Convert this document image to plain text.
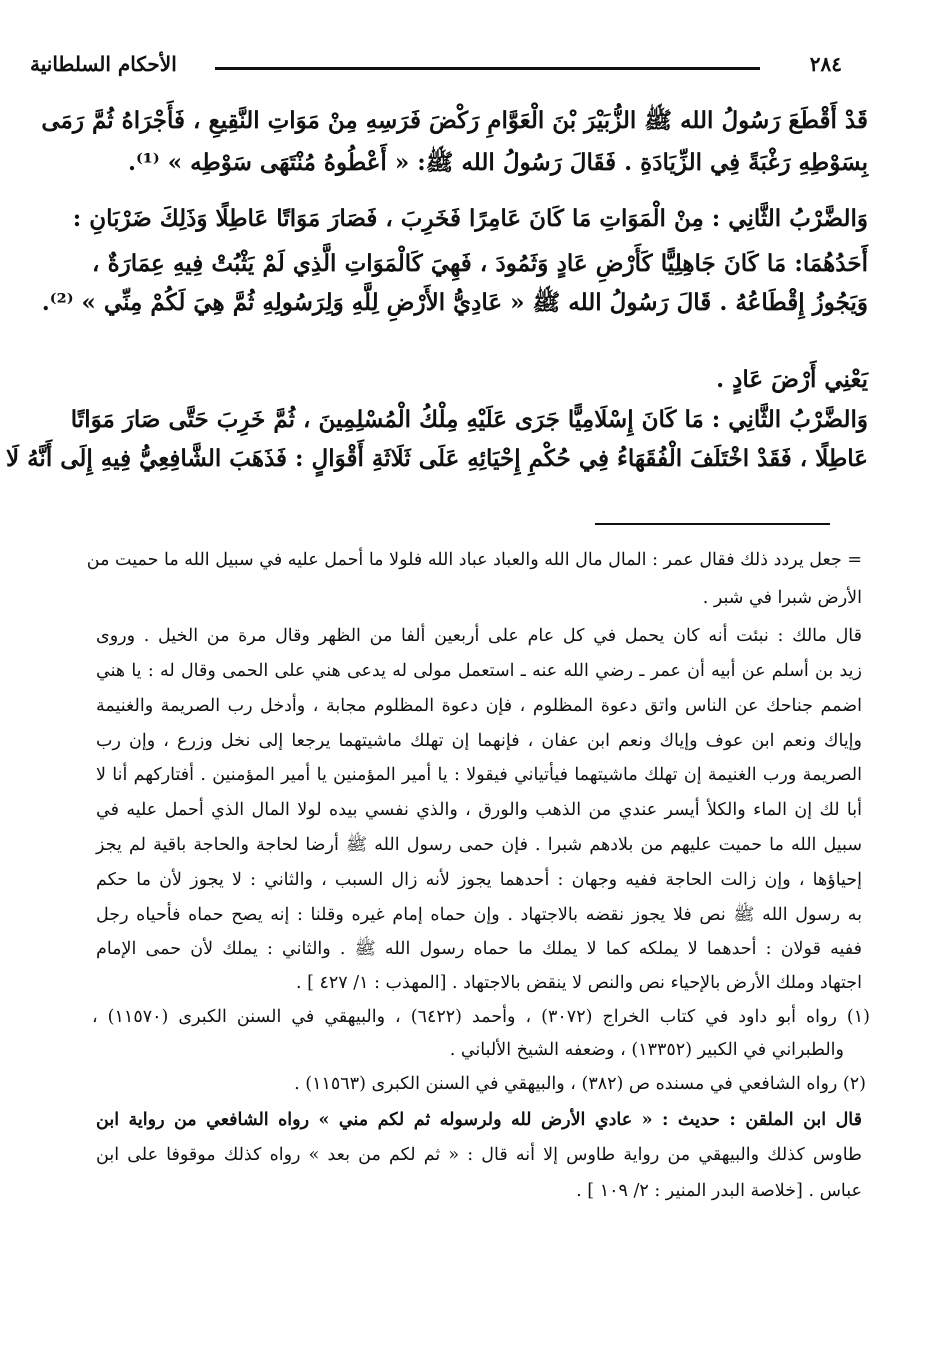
٢٨٤
الأحكام السلطانية
قَدْ أَقْطَعَ رَسُولُ الله ﷺ الزُّبَيْرَ بْنَ الْعَوَّامِ رَكْضَ فَرَسِهِ مِنْ مَوَاتِ النَّقِيعِ ، فَأَجْرَاهُ ثُمَّ رَمَى
بِسَوْطِهِ رَغْبَةً فِي الزِّيَادَةِ . فَقَالَ رَسُولُ الله ﷺ: « أَعْطُوهُ مُنْتَهَى سَوْطِه » ⁽¹⁾.
وَالضَّرْبُ الثَّانِي : مِنْ الْمَوَاتِ مَا كَانَ عَامِرًا فَخَرِبَ ، فَصَارَ مَوَاتًا عَاطِلًا وَذَلِكَ ضَرْبَانِ :
أَحَدُهُمَا: مَا كَانَ جَاهِلِيًّا كَأَرْضِ عَادٍ وَثَمُودَ ، فَهِيَ كَالْمَوَاتِ الَّذِي لَمْ يَثْبُتْ فِيهِ عِمَارَةٌ ،
وَيَجُوزُ إِقْطَاعُهُ . قَالَ رَسُولُ الله ﷺ « عَادِيُّ الأَرْضِ لِلَّهِ وَلِرَسُولِهِ ثُمَّ هِيَ لَكُمْ مِنِّي » ⁽²⁾.
يَعْنِي أَرْضَ عَادٍ .
وَالضَّرْبُ الثَّانِي : مَا كَانَ إِسْلَامِيًّا جَرَى عَلَيْهِ مِلْكُ الْمُسْلِمِينَ ، ثُمَّ خَرِبَ حَتَّى صَارَ مَوَاتًا
عَاطِلًا ، فَقَدْ اخْتَلَفَ الْفُقَهَاءُ فِي حُكْمِ إِحْيَائِهِ عَلَى ثَلَاثَةِ أَقْوَالٍ : فَذَهَبَ الشَّافِعِيُّ فِيهِ إِلَى أَنَّهُ لَا
= جعل يردد ذلك فقال عمر : المال مال الله والعباد عباد الله فلولا ما أحمل عليه في سبيل الله ما حميت من
الأرض شبرا في شبر .
قال مالك : نبئت أنه كان يحمل في كل عام على أربعين ألفا من الظهر وقال مرة من الخيل . وروى
زيد بن أسلم عن أبيه أن عمر ـ رضي الله عنه ـ استعمل مولى له يدعى هني على الحمى وقال له : يا هني
اضمم جناحك عن الناس واتق دعوة المظلوم ، فإن دعوة المظلوم مجابة ، وأدخل رب الصريمة والغنيمة
وإياك ونعم ابن عوف وإياك ونعم ابن عفان ، فإنهما إن تهلك ماشيتهما يرجعا إلى نخل وزرع ، وإن رب
الصريمة ورب الغنيمة إن تهلك ماشيتهما فيأتياني فيقولا : يا أمير المؤمنين يا أمير المؤمنين . أفتاركهم أنا لا
أبا لك إن الماء والكلأ أيسر عندي من الذهب والورق ، والذي نفسي بيده لولا المال الذي أحمل عليه في
سبيل الله ما حميت عليهم من بلادهم شبرا . فإن حمى رسول الله ﷺ أرضا لحاجة والحاجة باقية لم يجز
إحياؤها ، وإن زالت الحاجة ففيه وجهان : أحدهما يجوز لأنه زال السبب ، والثاني : لا يجوز لأن ما حكم
به رسول الله ﷺ نص فلا يجوز نقضه بالاجتهاد . وإن حماه إمام غيره وقلنا : إنه يصح حماه فأحياه رجل
ففيه قولان : أحدهما لا يملكه كما لا يملك ما حماه رسول الله ﷺ . والثاني : يملك لأن حمى الإمام
اجتهاد وملك الأرض بالإحياء نص والنص لا ينقض بالاجتهاد . [المهذب : ١/ ٤٢٧ ] .
(١) رواه أبو داود في كتاب الخراج (٣٠٧٢) ، وأحمد (٦٤٢٢) ، والبيهقي في السنن الكبرى (١١٥٧٠) ،
والطبراني في الكبير (١٣٣٥٢) ، وضعفه الشيخ الألباني .
(٢) رواه الشافعي في مسنده ص (٣٨٢) ، والبيهقي في السنن الكبرى (١١٥٦٣) .
قال ابن الملقن : حديث : « عادي الأرض لله ولرسوله ثم لكم مني » رواه الشافعي من رواية ابن
طاوس كذلك والبيهقي من رواية طاوس إلا أنه قال : « ثم لكم من بعد » رواه كذلك موقوفا على ابن
عباس . [خلاصة البدر المنير : ٢/ ١٠٩ ] .
